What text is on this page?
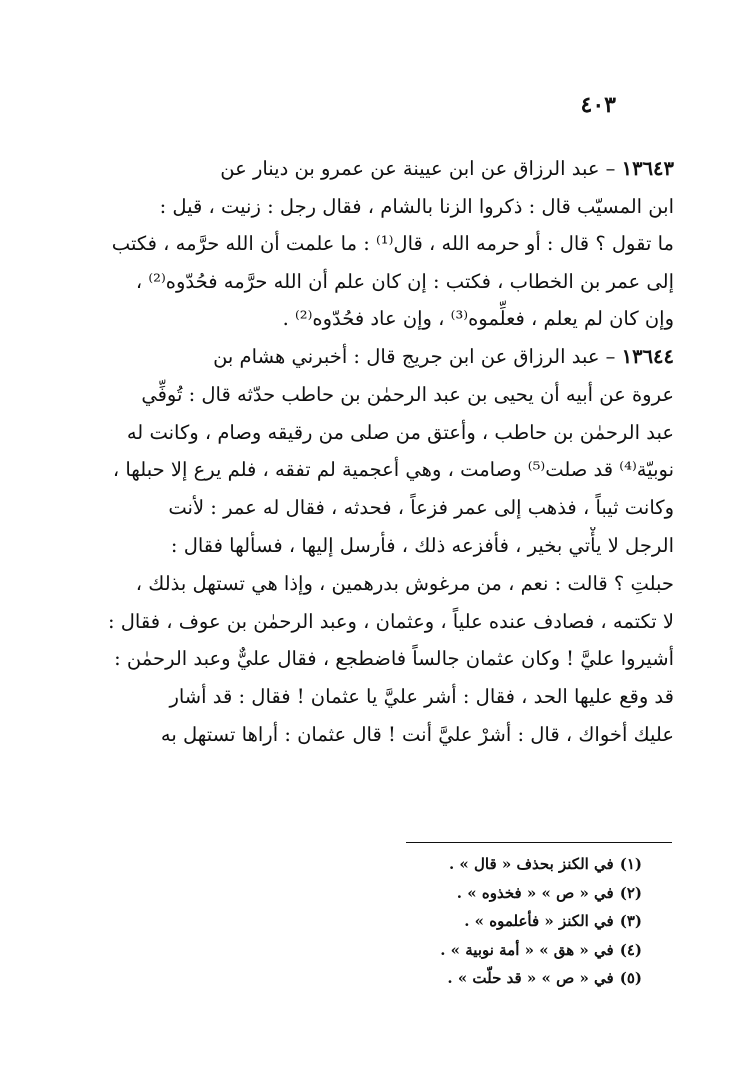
٤٠٣
١٣٦٤٣ – عبد الرزاق عن ابن عيينة عن عمرو بن دينار عن
ابن المسيّب قال : ذكروا الزنا بالشام ، فقال رجل : زنيت ، قيل :
ما تقول ؟ قال : أو حرمه الله ، قال⁽¹⁾ : ما علمت أن الله حرَّمه ، فكتب
إلى عمر بن الخطاب ، فكتب : إن كان علم أن الله حرَّمه فحُدّوه⁽²⁾ ،
وإن كان لم يعلم ، فعلِّموه⁽³⁾ ، وإن عاد فحُدّوه⁽²⁾ .
١٣٦٤٤ – عبد الرزاق عن ابن جريج قال : أخبرني هشام بن
عروة عن أبيه أن يحيى بن عبد الرحمٰن بن حاطب حدّثه قال : تُوفِّي
عبد الرحمٰن بن حاطب ، وأعتق من صلى من رقيقه وصام ، وكانت له
نوبيّة⁽⁴⁾ قد صلت⁽⁵⁾ وصامت ، وهي أعجمية لم تفقه ، فلم يرع إلا حبلها ،
وكانت ثيباً ، فذهب إلى عمر فزعاً ، فحدثه ، فقال له عمر : لأنت
الرجل لا يأْتي بخير ، فأفزعه ذلك ، فأرسل إليها ، فسألها فقال :
حبلتِ ؟ قالت : نعم ، من مرغوش بدرهمين ، وإذا هي تستهل بذلك ،
لا تكتمه ، فصادف عنده علياً ، وعثمان ، وعبد الرحمٰن بن عوف ، فقال :
أشيروا عليَّ ! وكان عثمان جالساً فاضطجع ، فقال عليٌّ وعبد الرحمٰن :
قد وقع عليها الحد ، فقال : أشر عليَّ يا عثمان ! فقال : قد أشار
عليك أخواك ، قال : أشرْ عليَّ أنت ! قال عثمان : أراها تستهل به
(١)في الكنز بحذف « قال » .
(٢)في « ص » « فخذوه » .
(٣)في الكنز « فأعلموه » .
(٤)في « هق » « أمة نوبية » .
(٥)في « ص » « قد حلّت » .
